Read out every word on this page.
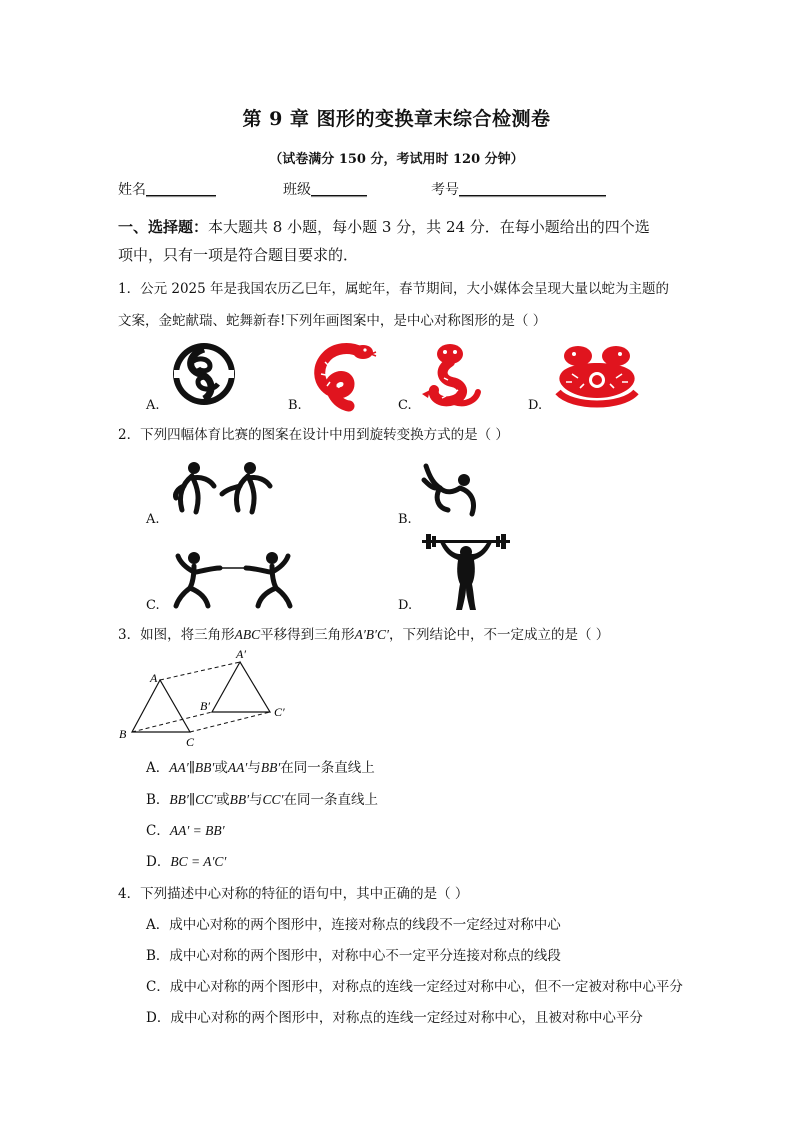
第 9 章 图形的变换章末综合检测卷
（试卷满分 150 分，考试用时 120 分钟）
姓名__________	班级________	考号_____________________
一、选择题：本大题共 8 小题，每小题 3 分，共 24 分．在每小题给出的四个选
项中，只有一项是符合题目要求的．
1．公元 2025 年是我国农历乙巳年，属蛇年，春节期间，大小媒体会呈现大量以蛇为主题的
文案，金蛇献瑞、蛇舞新春!下列年画图案中，是中心对称图形的是（ ）
A.	B.	C.	D.
2．下列四幅体育比赛的图案在设计中用到旋转变换方式的是（ ）
A.	B.
C.	D.
3．如图，将三角形ABC平移得到三角形A′B′C′，下列结论中，不一定成立的是（ ）
A
B
C
A′
B′	C′
A．AA′∥BB′或AA′与BB′在同一条直线上
B．BB′∥CC′或BB′与CC′在同一条直线上
C．AA′ = BB′
D．BC = A′C′
4．下列描述中心对称的特征的语句中，其中正确的是（ ）
A．成中心对称的两个图形中，连接对称点的线段不一定经过对称中心
B．成中心对称的两个图形中，对称中心不一定平分连接对称点的线段
C．成中心对称的两个图形中，对称点的连线一定经过对称中心，但不一定被对称中心平分
D．成中心对称的两个图形中，对称点的连线一定经过对称中心，且被对称中心平分
